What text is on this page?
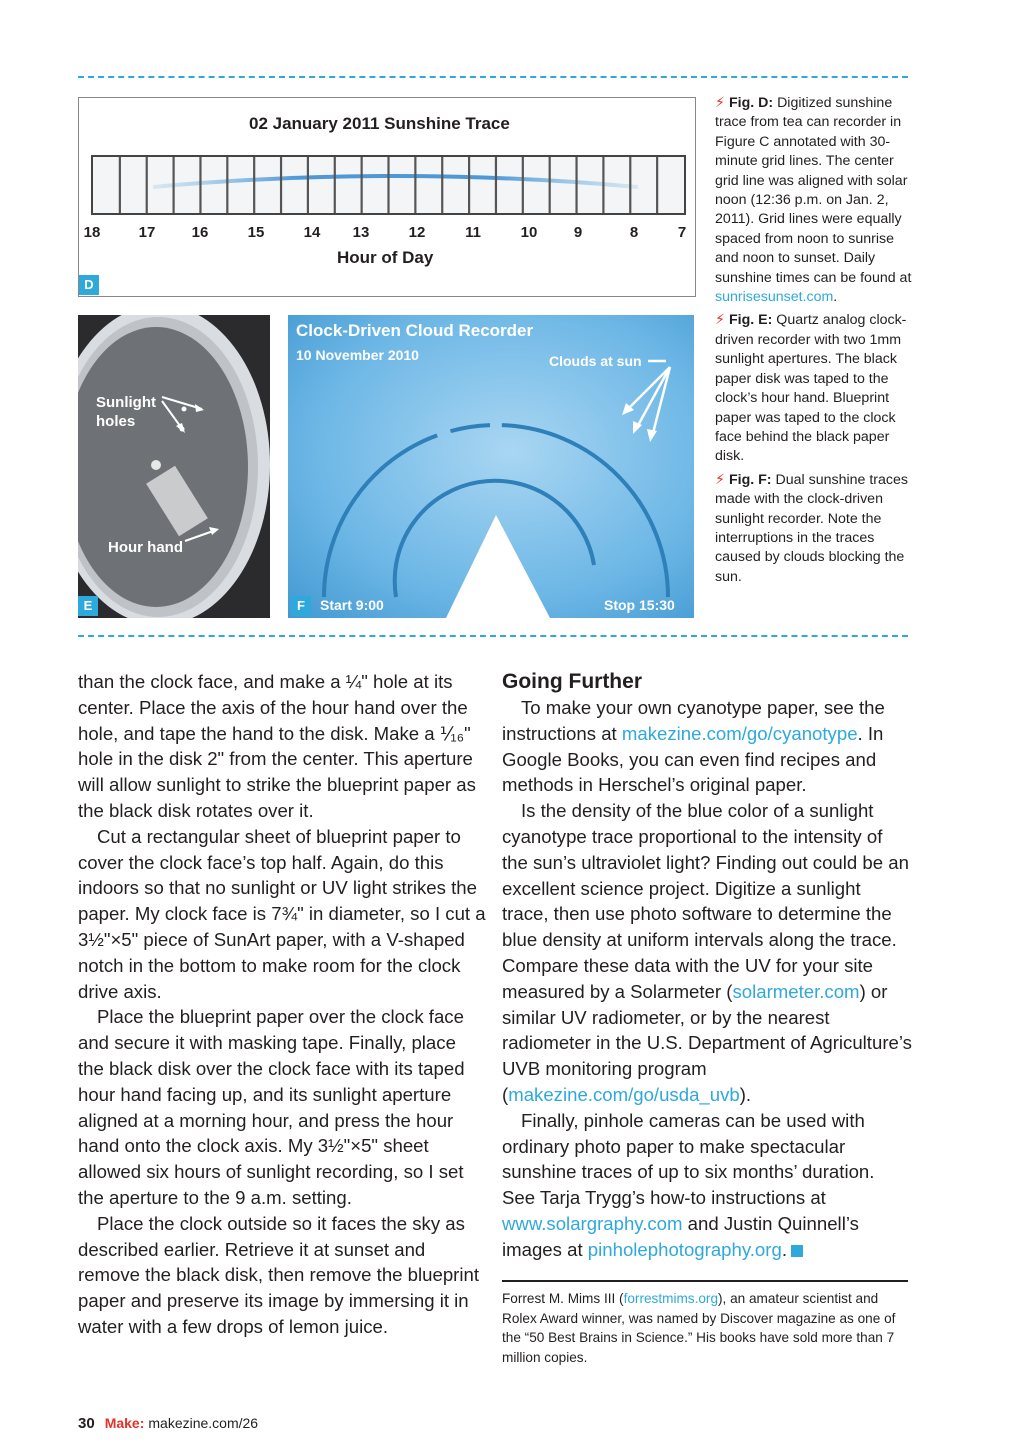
02 January 2011 Sunshine Trace
18	17 16	15	14 13	12	11	10 9	8	7
Hour of Day
D
Sunlight
holes
Hour hand
E
Clock-Driven Cloud Recorder
10 November 2010	Clouds at sun
Start 9:00	Stop 15:30
F

⚡ Fig. D: Digitized sunshine trace from tea can recorder in Figure C annotated with 30-minute grid lines. The center grid line was aligned with solar noon (12:36 p.m. on Jan. 2, 2011). Grid lines were equally spaced from noon to sunrise and noon to sunset. Daily sunshine times can be found at sunrisesunset.com.

⚡ Fig. E: Quartz analog clock-driven recorder with two 1mm sunlight apertures. The black paper disk was taped to the clock’s hour hand. Blueprint paper was taped to the clock face behind the black paper disk.

⚡ Fig. F: Dual sunshine traces made with the clock-driven sunlight recorder. Note the interruptions in the traces caused by clouds blocking the sun.

than the clock face, and make a ¼" hole at its center. Place the axis of the hour hand over the hole, and tape the hand to the disk. Make a ⅟₁₆" hole in the disk 2" from the center. This aperture will allow sunlight to strike the blueprint paper as the black disk rotates over it.

Cut a rectangular sheet of blueprint paper to cover the clock face’s top half. Again, do this indoors so that no sunlight or UV light strikes the paper. My clock face is 7¾" in diameter, so I cut a 3½"×5" piece of SunArt paper, with a V-shaped notch in the bottom to make room for the clock drive axis.

Place the blueprint paper over the clock face and secure it with masking tape. Finally, place the black disk over the clock face with its taped hour hand facing up, and its sunlight aperture aligned at a morning hour, and press the hour hand onto the clock axis. My 3½"×5" sheet allowed six hours of sunlight recording, so I set the aperture to the 9 a.m. setting.

Place the clock outside so it faces the sky as described earlier. Retrieve it at sunset and remove the black disk, then remove the blueprint paper and preserve its image by immersing it in water with a few drops of lemon juice.

Going Further

To make your own cyanotype paper, see the instructions at makezine.com/go/cyanotype. In Google Books, you can even find recipes and methods in Herschel’s original paper.

Is the density of the blue color of a sunlight cyanotype trace proportional to the intensity of the sun’s ultraviolet light? Finding out could be an excellent science project. Digitize a sunlight trace, then use photo software to determine the blue density at uniform intervals along the trace. Compare these data with the UV for your site measured by a Solarmeter (solarmeter.com) or similar UV radiometer, or by the nearest radiometer in the U.S. Department of Agriculture’s UVB monitoring program (makezine.com/go/usda_uvb).

Finally, pinhole cameras can be used with ordinary photo paper to make spectacular sunshine traces of up to six months’ duration. See Tarja Trygg’s how-to instructions at www.solargraphy.com and Justin Quinnell’s images at pinholephotography.org. ⚡

Forrest M. Mims III (forrestmims.org), an amateur scientist and Rolex Award winner, was named by Discover magazine as one of the “50 Best Brains in Science.” His books have sold more than 7 million copies.
30 Make: makezine.com/26
